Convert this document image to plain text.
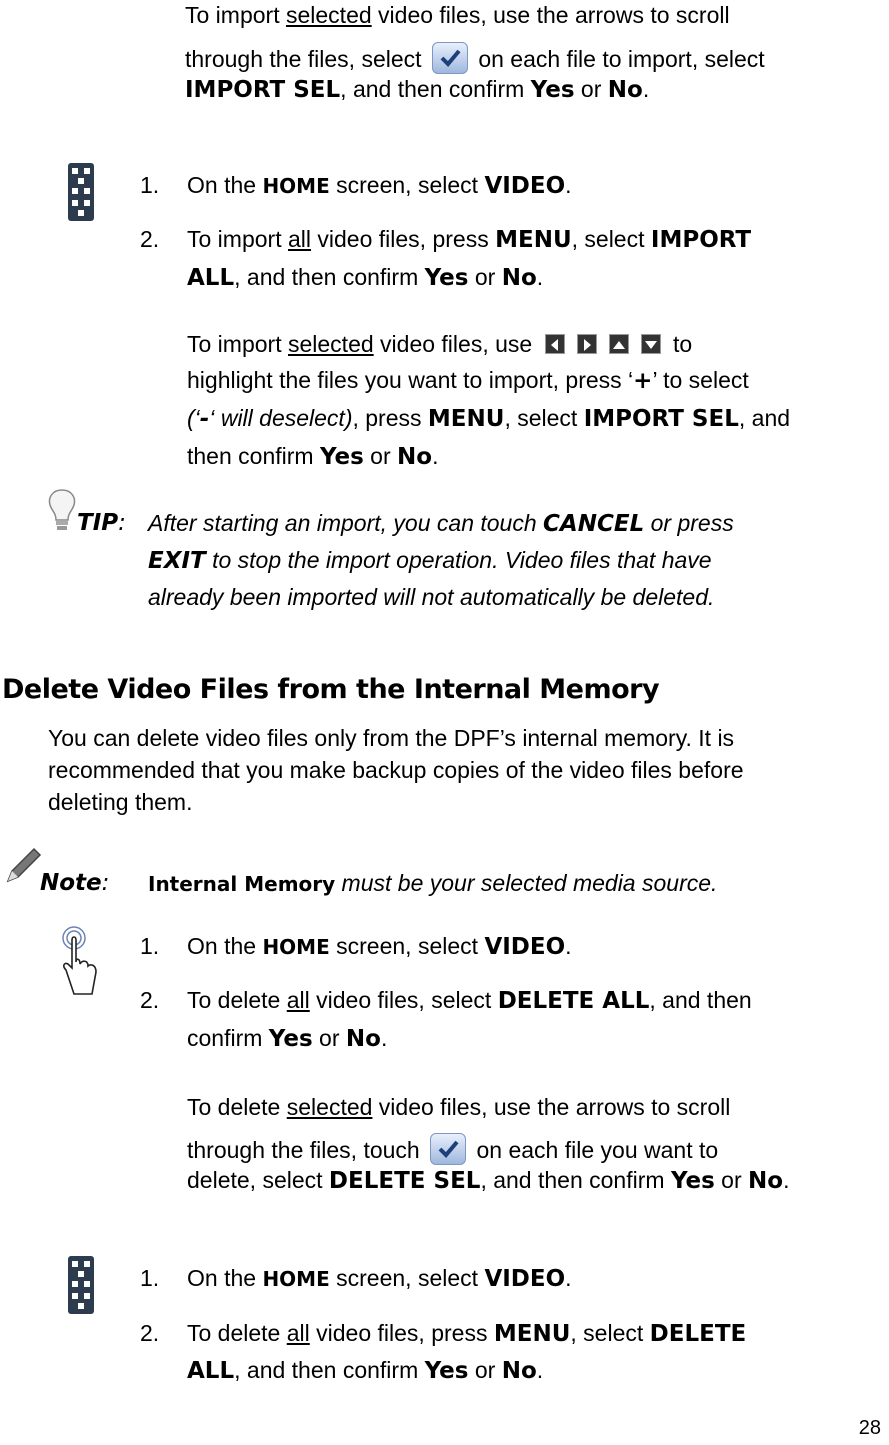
To import selected video files, use the arrows to scroll
through the files, select on each file to import, select
IMPORT SEL, and then confirm Yes or No.
1. On the HOME screen, select VIDEO.
2. To import all video files, press MENU, select IMPORT
ALL, and then confirm Yes or No.
To import selected video files, use	to
highlight the files you want to import, press ‘+’ to select
(‘-‘ will deselect), press MENU, select IMPORT SEL, and
then confirm Yes or No.
TIP: After starting an import, you can touch CANCEL or press
EXIT to stop the import operation. Video files that have
already been imported will not automatically be deleted.
Delete Video Files from the Internal Memory
You can delete video files only from the DPF’s internal memory. It is
recommended that you make backup copies of the video files before
deleting them.
Note: Internal Memory must be your selected media source.
1. On the HOME screen, select VIDEO.
2. To delete all video files, select DELETE ALL, and then
confirm Yes or No.
To delete selected video files, use the arrows to scroll
through the files, touch on each file you want to
delete, select DELETE SEL, and then confirm Yes or No.
1. On the HOME screen, select VIDEO.
2. To delete all video files, press MENU, select DELETE
ALL, and then confirm Yes or No.
28
